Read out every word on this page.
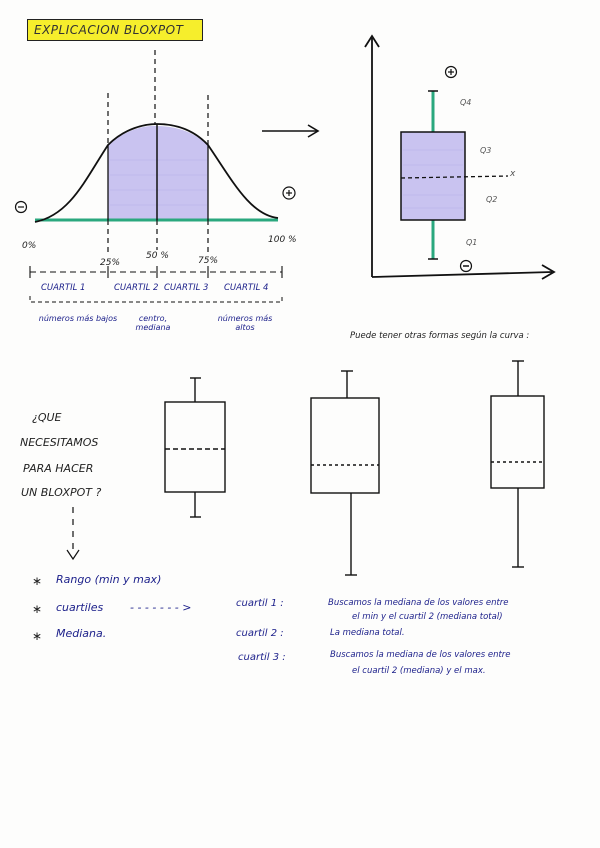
EXPLICACION BLOXPOT
0%
25%
50 %	75%
100 %
CUARTIL 1	CUARTIL 2 CUARTIL 3 CUARTIL 4
números más bajos	centro, mediana
números más altos
Q4
Q3
Q2
Q1
x
Puede tener otras formas según la curva :
¿QUE
NECESITAMOS
PARA HACER
UN BLOXPOT ?
∗ Rango (min y max)
∗ cuartiles - - - - - - - >
∗ Mediana.
cuartil 1 :	Buscamos la mediana de los valores entre
el min y el cuartil 2 (mediana total)
cuartil 2 :	La mediana total.
cuartil 3 :	Buscamos la mediana de los valores entre
el cuartil 2 (mediana) y el max.
